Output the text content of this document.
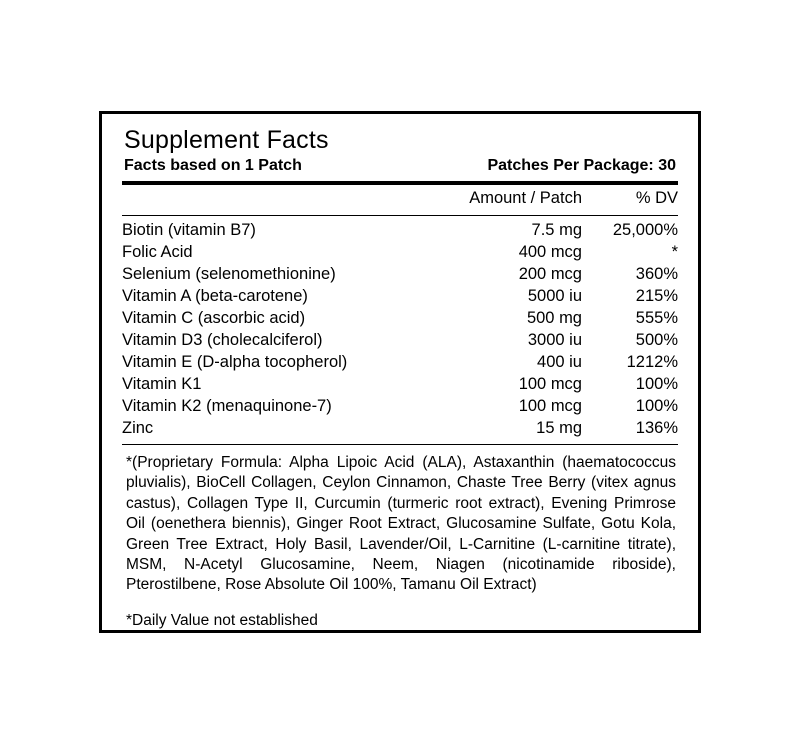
Supplement Facts
Facts based on 1 Patch	Patches Per Package: 30
	Amount / Patch	% DV

Biotin (vitamin B7)	7.5 mg	25,000%
Folic Acid	400 mcg	*
Selenium (selenomethionine)	200 mcg	360%
Vitamin A (beta-carotene)	5000 iu	215%
Vitamin C (ascorbic acid)	500 mg	555%
Vitamin D3 (cholecalciferol)	3000 iu	500%
Vitamin E (D-alpha tocopherol)	400 iu	1212%
Vitamin K1	100 mcg	100%
Vitamin K2 (menaquinone-7)	100 mcg	100%
Zinc	15 mg	136%

*(Proprietary Formula: Alpha Lipoic Acid (ALA), Astaxanthin (haematococcus pluvialis), BioCell Collagen, Ceylon Cinnamon, Chaste Tree Berry (vitex agnus castus), Collagen Type II, Curcumin (turmeric root extract), Evening Primrose Oil (oenethera biennis), Ginger Root Extract, Glucosamine Sulfate, Gotu Kola, Green Tree Extract, Holy Basil, Lavender/Oil, L-Carnitine (L-carnitine titrate), MSM, N-Acetyl Glucosamine, Neem, Niagen (nicotinamide riboside), Pterostilbene, Rose Absolute Oil 100%, Tamanu Oil Extract)

*Daily Value not established
